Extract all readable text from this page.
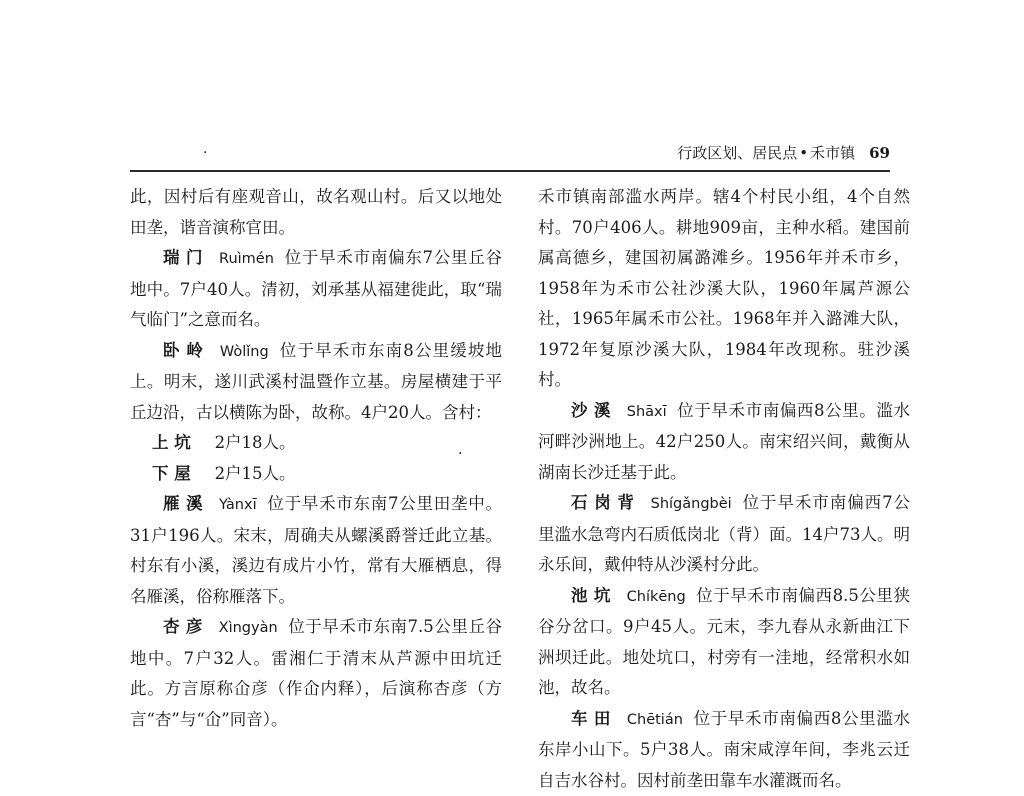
行政区划、居民点 • 禾市镇 69
·

此，因村后有座观音山，故名观山村。后又以地处田垄，谐音演称官田。

瑞门 Ruìmén 位于早禾市南偏东7公里丘谷地中。7户40人。清初，刘承基从福建徙此，取“瑞气临门”之意而名。

卧岭 Wòlǐng 位于早禾市东南8公里缓坡地上。明末，遂川武溪村温暨作立基。房屋横建于平丘边沿，古以横陈为卧，故称。4户20人。含村：

上坑 2户18人。

下屋 2户15人。

雁溪 Yànxī 位于早禾市东南7公里田垄中。31户196人。宋末，周确夫从螺溪爵誉迁此立基。村东有小溪，溪边有成片小竹，常有大雁栖息，得名雁溪，俗称雁落下。

杏彦 Xìngyàn 位于早禾市东南7.5公里丘谷地中。7户32人。雷湘仁于清末从芦源中田坑迁此。方言原称仚彦（作仚内释），后演称杏彦（方言“杏”与“仚”同音）。

·

禾市镇南部滥水两岸。辖4个村民小组，4个自然村。70户406人。耕地909亩，主种水稻。建国前属高德乡，建国初属潞滩乡。1956年并禾市乡，1958年为禾市公社沙溪大队，1960年属芦源公社，1965年属禾市公社。1968年并入潞滩大队，1972年复原沙溪大队，1984年改现称。驻沙溪村。

沙溪 Shāxī 位于早禾市南偏西8公里。滥水河畔沙洲地上。42户250人。南宋绍兴间，戴衡从湖南长沙迁基于此。

石岗背 Shígǎngbèi 位于早禾市南偏西7公里滥水急弯内石质低岗北（背）面。14户73人。明永乐间，戴仲特从沙溪村分此。

池坑 Chíkēng 位于早禾市南偏西8.5公里狭谷分岔口。9户45人。元末，李九春从永新曲江下洲坝迁此。地处坑口，村旁有一洼地，经常积水如池，故名。

车田 Chētián 位于早禾市南偏西8公里滥水东岸小山下。5户38人。南宋咸淳年间，李兆云迁自吉水谷村。因村前垄田靠车水灌溉而名。
